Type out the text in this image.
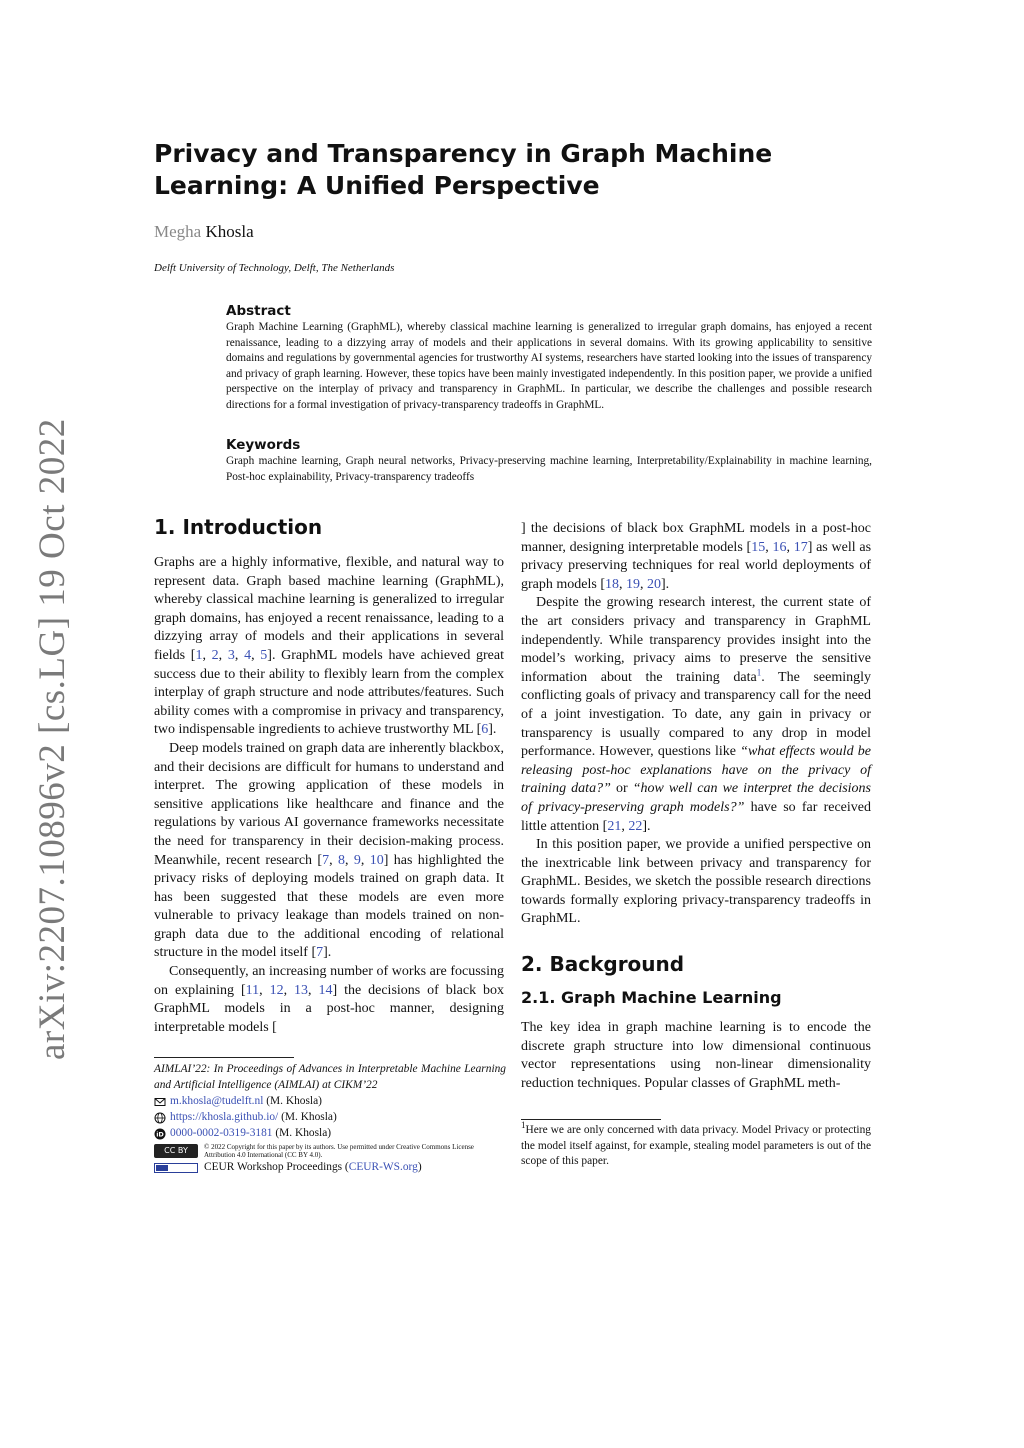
arXiv:2207.10896v2 [cs.LG] 19 Oct 2022
Privacy and Transparency in Graph Machine Learning: A Unified Perspective
Megha Khosla
Delft University of Technology, Delft, The Netherlands
Abstract

Graph Machine Learning (GraphML), whereby classical machine learning is generalized to irregular graph domains, has enjoyed a recent renaissance, leading to a dizzying array of models and their applications in several domains. With its growing applicability to sensitive domains and regulations by governmental agencies for trustworthy AI systems, researchers have started looking into the issues of transparency and privacy of graph learning. However, these topics have been mainly investigated independently. In this position paper, we provide a unified perspective on the interplay of privacy and transparency in GraphML. In particular, we describe the challenges and possible research directions for a formal investigation of privacy-transparency tradeoffs in GraphML.

Keywords

Graph machine learning, Graph neural networks, Privacy-preserving machine learning, Interpretability/Explainability in machine learning, Post-hoc explainability, Privacy-transparency tradeoffs

1. Introduction

Graphs are a highly informative, flexible, and natural way to represent data. Graph based machine learning (GraphML), whereby classical machine learning is generalized to irregular graph domains, has enjoyed a recent renaissance, leading to a dizzying array of models and their applications in several fields [1, 2, 3, 4, 5]. GraphML models have achieved great success due to their ability to flexibly learn from the complex interplay of graph structure and node attributes/features. Such ability comes with a compromise in privacy and transparency, two indispensable ingredients to achieve trustworthy ML [6].

Deep models trained on graph data are inherently blackbox, and their decisions are difficult for humans to understand and interpret. The growing application of these models in sensitive applications like healthcare and finance and the regulations by various AI governance frameworks necessitate the need for transparency in their decision-making process. Meanwhile, recent research [7, 8, 9, 10] has highlighted the privacy risks of deploying models trained on graph data. It has been suggested that these models are even more vulnerable to privacy leakage than models trained on non-graph data due to the additional encoding of relational structure in the model itself [7].

Consequently, an increasing number of works are focussing on explaining [11, 12, 13, 14] the decisions of black box GraphML models in a post-hoc manner, designing interpretable models [

AIMLAI’22: In Proceedings of Advances in Interpretable Machine Learning and Artificial Intelligence (AIMLAI) at CIKM’22
m.khosla@tudelft.nl
(M. Khosla)
https://khosla.github.io/
(M. Khosla)
iD 0000-0002-0319-3181
(M. Khosla)
CC BY	© 2022 Copyright for this paper by its authors. Use permitted under Creative Commons License Attribution 4.0 International (CC BY 4.0).
CEUR Workshop Proceedings ( CEUR-WS.org )

] the decisions of black box GraphML models in a post-hoc manner, designing interpretable models [15, 16, 17] as well as privacy preserving techniques for real world deployments of graph models [18, 19, 20].

Despite the growing research interest, the current state of the art considers privacy and transparency in GraphML independently. While transparency provides insight into the model’s working, privacy aims to preserve the sensitive information about the training data$^1$. The seemingly conflicting goals of privacy and transparency call for the need of a joint investigation. To date, any gain in privacy or transparency is usually compared to any drop in model performance. However, questions like “what effects would be releasing post-hoc explanations have on the privacy of training data?” or “how well can we interpret the decisions of privacy-preserving graph models?” have so far received little attention [21, 22].

In this position paper, we provide a unified perspective on the inextricable link between privacy and transparency for GraphML. Besides, we sketch the possible research directions towards formally exploring privacy-transparency tradeoffs in GraphML.

2. Background
2.1. Graph Machine Learning

The key idea in graph machine learning is to encode the discrete graph structure into low dimensional continuous vector representations using non-linear dimensionality reduction techniques. Popular classes of GraphML meth-

$^1$Here we are only concerned with data privacy. Model Privacy or protecting the model itself against, for example, stealing model parameters is out of the scope of this paper.
